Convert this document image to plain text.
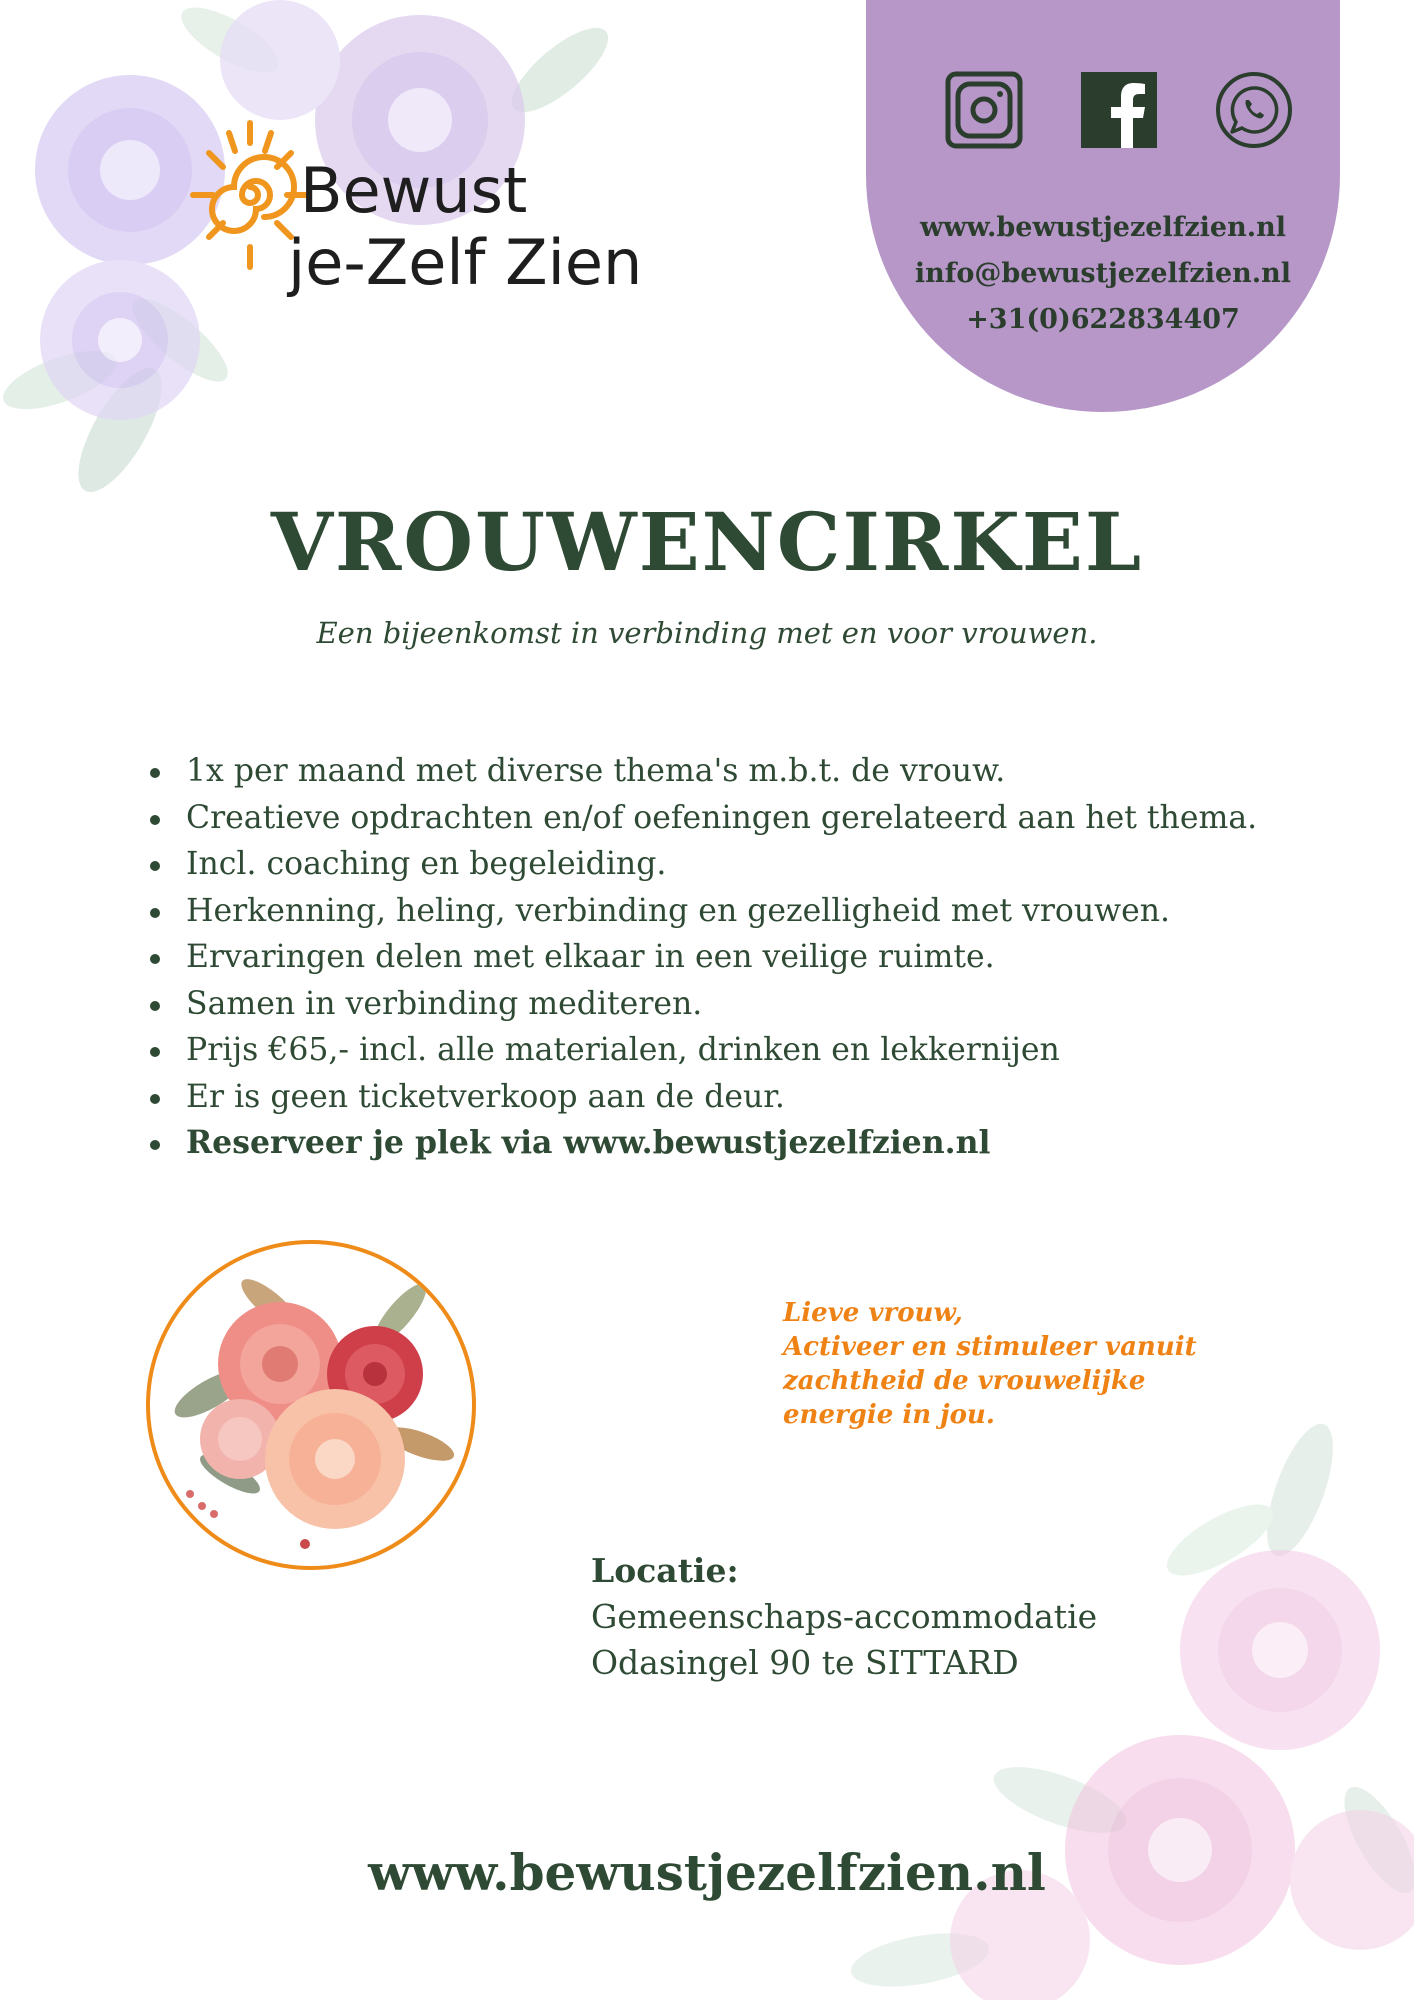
Bewust
je-Zelf Zien	www.bewustjezelfzien.nl
info@bewustjezelfzien.nl
+31(0)622834407
VROUWENCIRKEL
Een bijeenkomst in verbinding met en voor vrouwen.
1x per maand met diverse thema's m.b.t. de vrouw.
Creatieve opdrachten en/of oefeningen gerelateerd aan het thema.
Incl. coaching en begeleiding.
Herkenning, heling, verbinding en gezelligheid met vrouwen.
Ervaringen delen met elkaar in een veilige ruimte.
Samen in verbinding mediteren.
Prijs €65,- incl. alle materialen, drinken en lekkernijen
Er is geen ticketverkoop aan de deur.
Reserveer je plek via www.bewustjezelfzien.nl
Lieve vrouw,
Activeer en stimuleer vanuit
zachtheid de vrouwelijke
energie in jou.
Locatie:
Gemeenschaps-accommodatie
Odasingel 90 te SITTARD
www.bewustjezelfzien.nl
